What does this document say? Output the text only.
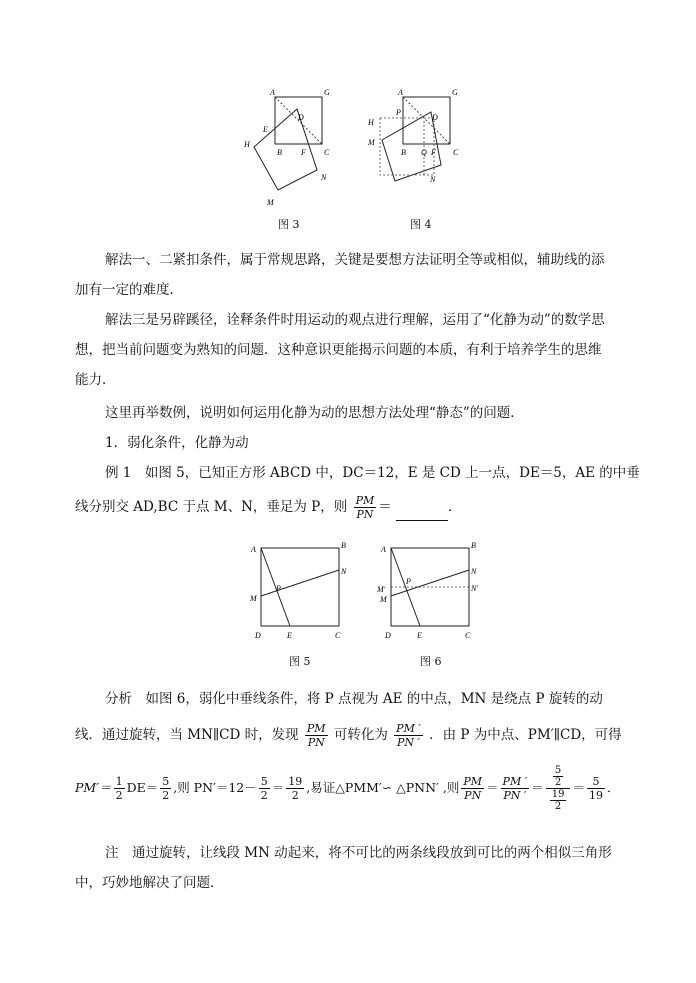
A	G
D
E
H
B F C
N
M
A	G
P
D
H
M
B Q F C
N
图 3	图 4
解法一、二紧扣条件，属于常规思路，关键是要想方法证明全等或相似，辅助线的添
加有一定的难度．
解法三是另辟蹊径，诠释条件时用运动的观点进行理解，运用了“化静为动”的数学思
想，把当前问题变为熟知的问题．这种意识更能揭示问题的本质，有利于培养学生的思维
能力．
这里再举数例，说明如何运用化静为动的思想方法处理“静态”的问题．
1．弱化条件，化静为动
例 1　如图 5，已知正方形 ABCD 中，DC＝12，E 是 CD 上一点，DE＝5，AE 的中垂
线分别交 AD,BC 于点 M、N，垂足为 P，则 $\frac{PM}{PN}$ ＝	．
A	B
N
P
M
D	E	C
A	B
N
N′
P
M′
M
D	E	C
图 5	图 6
分析　如图 6，弱化中垂线条件，将 P 点视为 AE 的中点，MN 是绕点 P 旋转的动
线．通过旋转，当 MN∥CD 时，发现 $\frac{PM}{PN}$ 可转化为 $\frac{PM '}{PN '}$ ．由 P 为中点、PM′∥CD，可得
$PM'= \frac{1}{2} DE= \frac{5}{2}$ ,则 $PN'=12- \frac{5}{2} = \frac{19}{2}$ ,易证△PMM′∽ △PNN′ ,则 $\frac{PM}{PN} = \frac{PM '}{PN '} = \frac{\frac{5}{2}}{\frac{19}{2}} = \frac{5}{19}$ ．
注　通过旋转，让线段 MN 动起来，将不可比的两条线段放到可比的两个相似三角形
中，巧妙地解决了问题．
